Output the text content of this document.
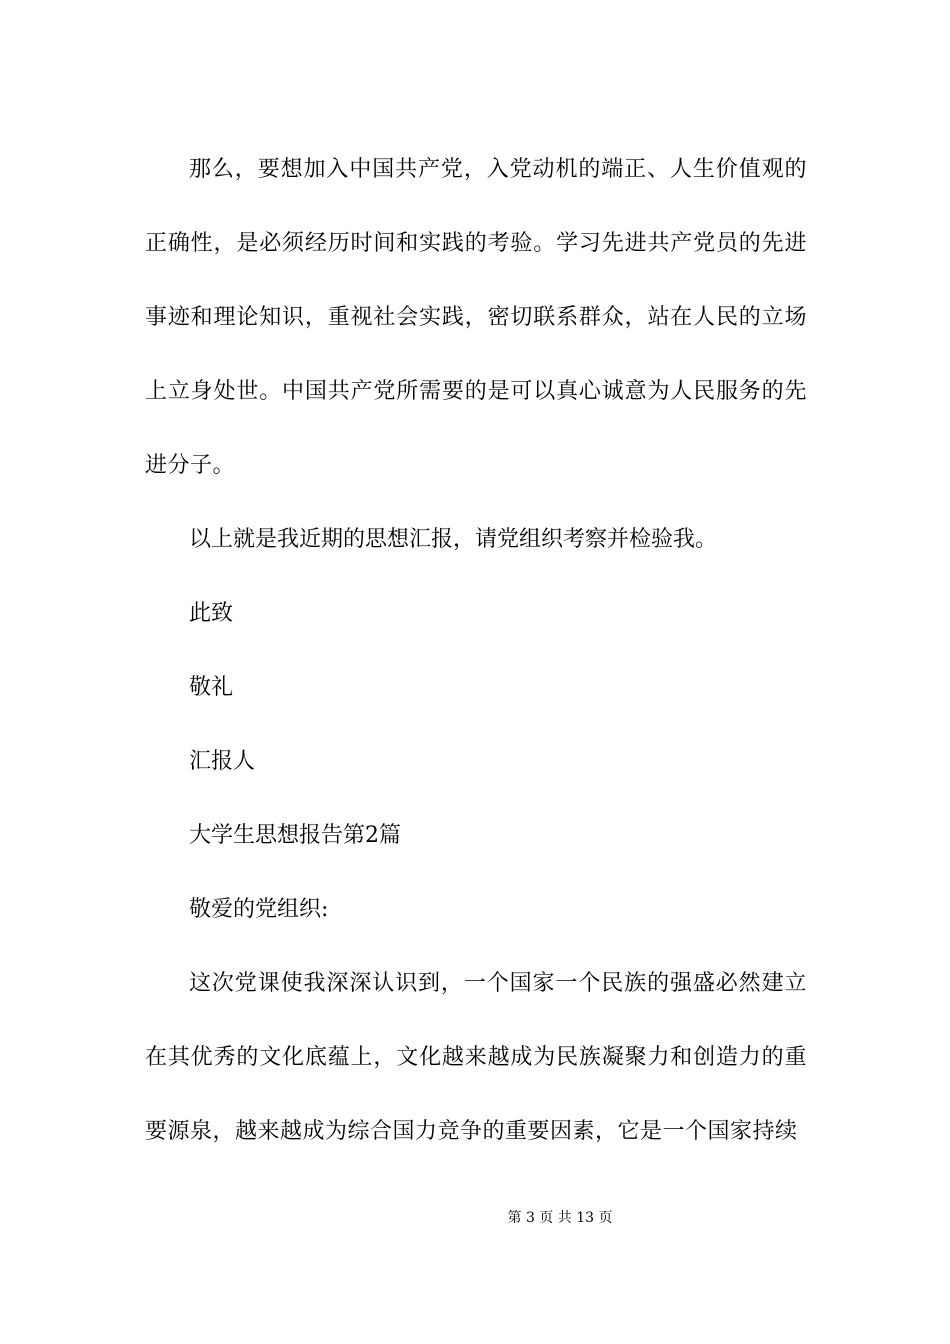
那么，要想加入中国共产党，入党动机的端正、人生价值观的正确性，是必须经历时间和实践的考验。学习先进共产党员的先进事迹和理论知识，重视社会实践，密切联系群众，站在人民的立场上立身处世。中国共产党所需要的是可以真心诚意为人民服务的先进分子。

以上就是我近期的思想汇报，请党组织考察并检验我。

此致

敬礼

汇报人

大学生思想报告第2篇

敬爱的党组织:

这次党课使我深深认识到，一个国家一个民族的强盛必然建立在其优秀的文化底蕴上，文化越来越成为民族凝聚力和创造力的重要源泉，越来越成为综合国力竞争的重要因素，它是一个国家持续

第 3 页 共 13 页
